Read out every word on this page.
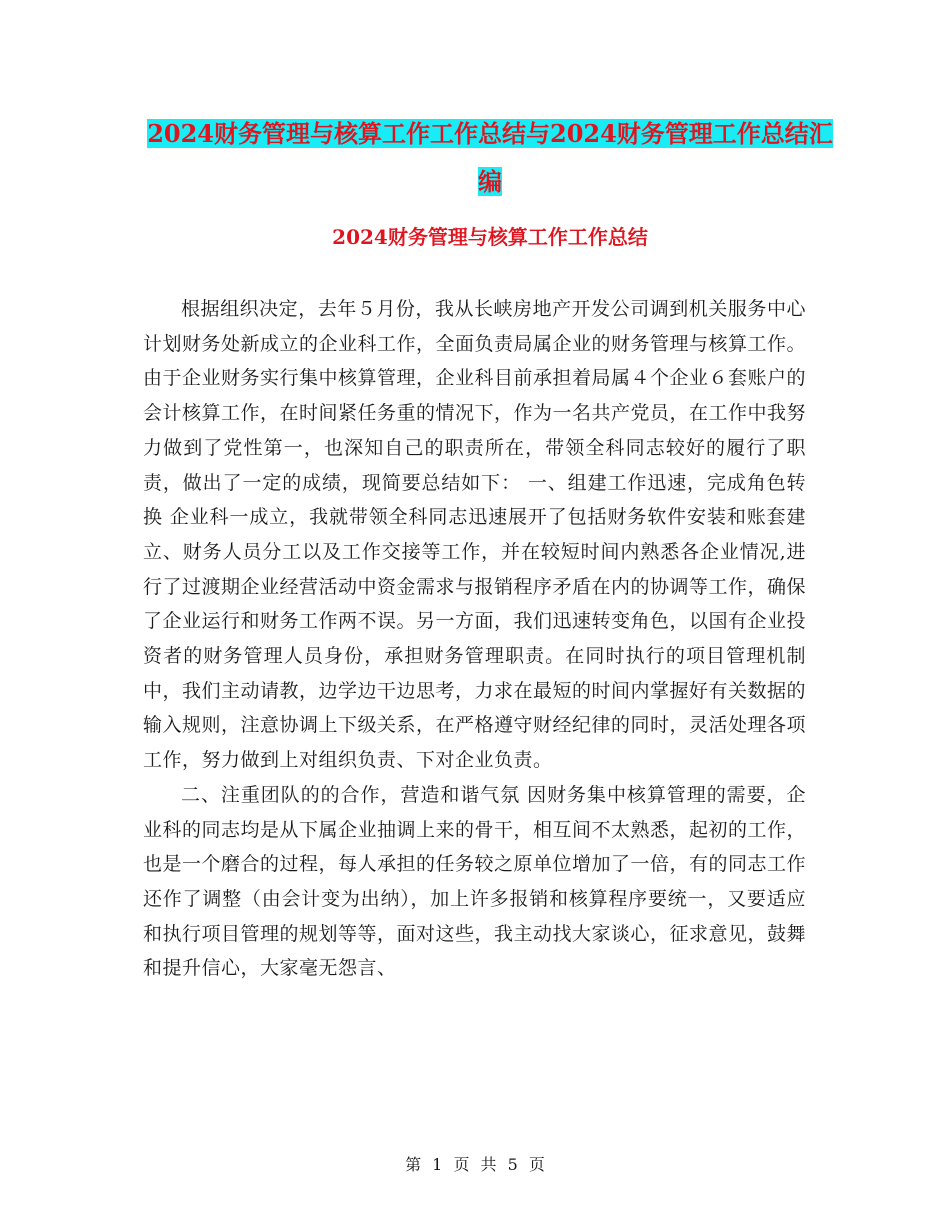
2024财务管理与核算工作工作总结与2024财务管理工作总结汇编
2024财务管理与核算工作工作总结

根据组织决定，去年５月份，我从长峡房地产开发公司调到机关服务中心计划财务处新成立的企业科工作，全面负责局属企业的财务管理与核算工作。由于企业财务实行集中核算管理，企业科目前承担着局属４个企业６套账户的会计核算工作，在时间紧任务重的情况下，作为一名共产党员，在工作中我努力做到了党性第一，也深知自己的职责所在，带领全科同志较好的履行了职责，做出了一定的成绩，现简要总结如下： 一、组建工作迅速，完成角色转换 企业科一成立，我就带领全科同志迅速展开了包括财务软件安装和账套建立、财务人员分工以及工作交接等工作，并在较短时间内熟悉各企业情况,进行了过渡期企业经营活动中资金需求与报销程序矛盾在内的协调等工作，确保了企业运行和财务工作两不误。另一方面，我们迅速转变角色，以国有企业投资者的财务管理人员身份，承担财务管理职责。在同时执行的项目管理机制中，我们主动请教，边学边干边思考，力求在最短的时间内掌握好有关数据的输入规则，注意协调上下级关系，在严格遵守财经纪律的同时，灵活处理各项工作，努力做到上对组织负责、下对企业负责。

二、注重团队的的合作，营造和谐气氛 因财务集中核算管理的需要，企业科的同志均是从下属企业抽调上来的骨干，相互间不太熟悉，起初的工作，也是一个磨合的过程，每人承担的任务较之原单位增加了一倍，有的同志工作还作了调整（由会计变为出纳），加上许多报销和核算程序要统一，又要适应和执行项目管理的规划等等，面对这些，我主动找大家谈心，征求意见，鼓舞和提升信心，大家毫无怨言、

第 1 页 共 5 页
